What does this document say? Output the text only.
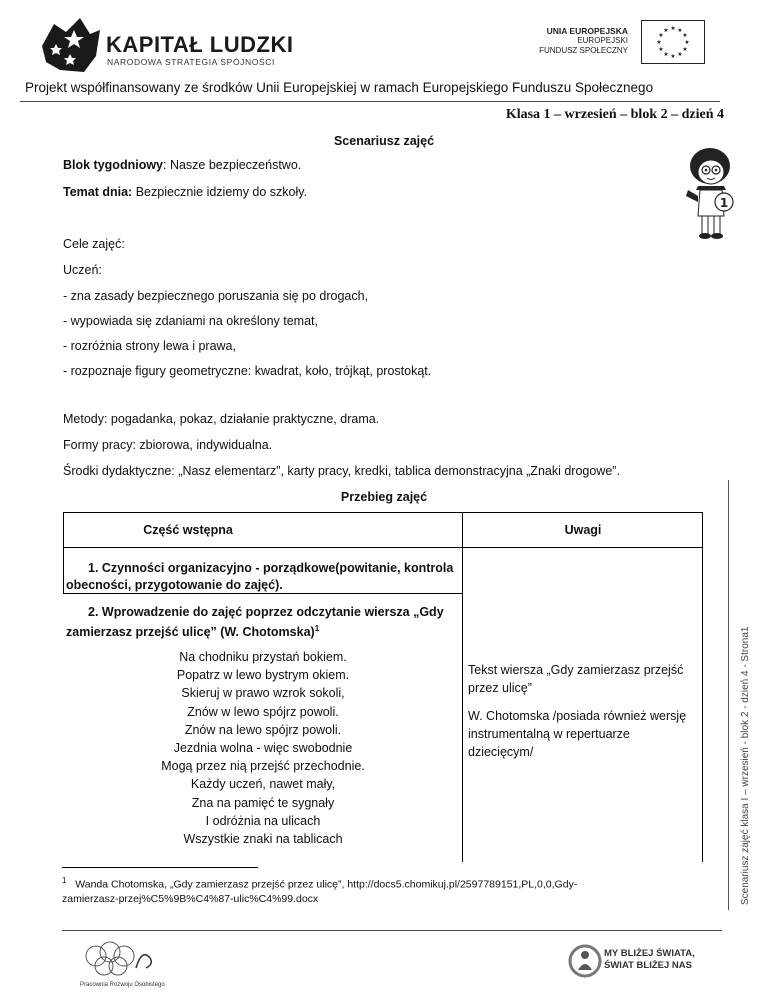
KAPITAŁ LUDZKI
NARODOWA STRATEGIA SPÓJNOŚCI
UNIA EUROPEJSKA
EUROPEJSKI
FUNDUSZ SPOŁECZNY
★ ★
★
★
★
★
★
★
★
★
★
★
Projekt współfinansowany ze środków Unii Europejskiej w ramach Europejskiego Funduszu Społecznego
Klasa 1 – wrzesień – blok 2 – dzień 4
1
Scenariusz zajęć
Blok tygodniowy: Nasze bezpieczeństwo.
Temat dnia: Bezpiecznie idziemy do szkoły.
Cele zajęć:
Uczeń:
- zna zasady bezpiecznego poruszania się po drogach,
- wypowiada się zdaniami na określony temat,
- rozróżnia strony lewa i prawa,
- rozpoznaje figury geometryczne: kwadrat, koło, trójkąt, prostokąt.
Metody: pogadanka, pokaz, działanie praktyczne, drama.
Formy pracy: zbiorowa, indywidualna.
Środki dydaktyczne: „Nasz elementarz”, karty pracy, kredki, tablica demonstracyjna „Znaki drogowe”.
Przebieg zajęć
Część wstępna	Uwagi
1. Czynności organizacyjno - porządkowe(powitanie, kontrola
obecności, przygotowanie do zajęć).
2. Wprowadzenie do zajęć poprzez odczytanie wiersza „Gdy
zamierzasz przejść ulicę” (W. Chotomska)$^1$
Na chodniku przystań bokiem.
Popatrz w lewo bystrym okiem.
Skieruj w prawo wzrok sokoli,
Znów w lewo spójrz powoli.
Znów na lewo spójrz powoli.
Jezdnia wolna - więc swobodnie
Mogą przez nią przejść przechodnie.
Każdy uczeń, nawet mały,
Zna na pamięć te sygnały
I odróżnia na ulicach
Wszystkie znaki na tablicach

Tekst wiersza „Gdy zamierzasz przejść przez ulicę”

W. Chotomska /posiada również wersję instrumentalną w repertuarze dziecięcym/

$^1$ Wanda Chotomska, „Gdy zamierzasz przejść przez ulicę”, http://docs5.chomikuj.pl/2597789151,PL,0,0,Gdy-
zamierzasz-przej%C5%9B%C4%87-ulic%C4%99.docx	Scenariusz zajęć klasa I – wrzesień - blok 2 - dzień 4 - Strona1
Pracownia Rozwoju Osobistego
MY BLIŻEJ ŚWIATA,
ŚWIAT BLIŻEJ NAS
